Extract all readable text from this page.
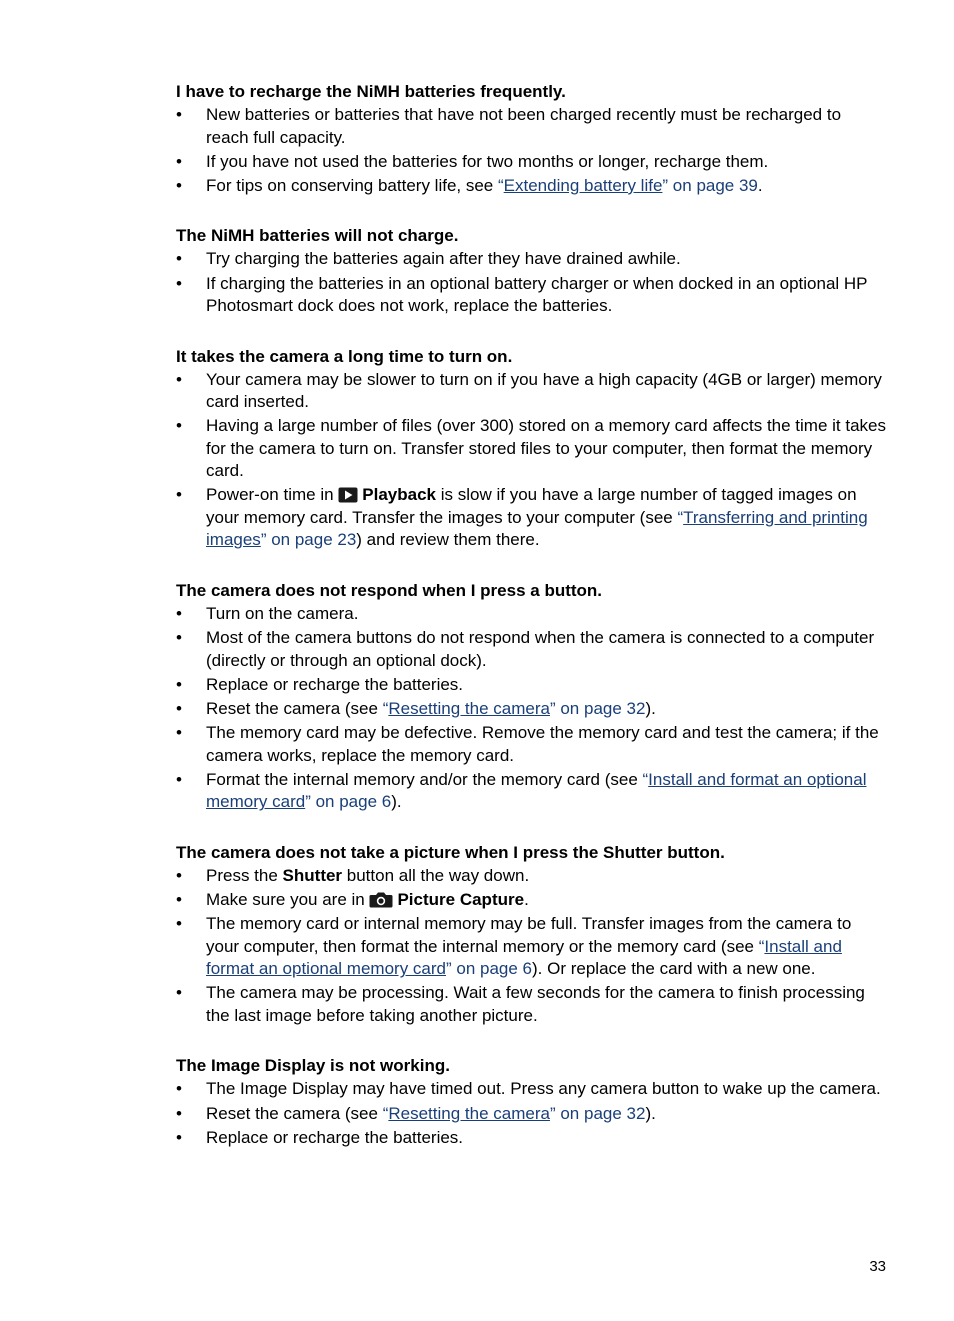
I have to recharge the NiMH batteries frequently.
• New batteries or batteries that have not been charged recently must be recharged to reach full capacity.
• If you have not used the batteries for two months or longer, recharge them.
• For tips on conserving battery life, see “Extending battery life” on page 39.
The NiMH batteries will not charge.
• Try charging the batteries again after they have drained awhile.
• If charging the batteries in an optional battery charger or when docked in an optional HP Photosmart dock does not work, replace the batteries.
It takes the camera a long time to turn on.
• Your camera may be slower to turn on if you have a high capacity (4GB or larger) memory card inserted.
• Having a large number of files (over 300) stored on a memory card affects the time it takes for the camera to turn on. Transfer stored files to your computer, then format the memory card.
• Power-on time in
Playback is slow if you have a large number of tagged images on your memory card. Transfer the images to your computer (see “Transferring and printing images” on page 23) and review them there.
The camera does not respond when I press a button.
• Turn on the camera.
• Most of the camera buttons do not respond when the camera is connected to a computer (directly or through an optional dock).
• Replace or recharge the batteries.
• Reset the camera (see “Resetting the camera” on page 32).
• The memory card may be defective. Remove the memory card and test the camera; if the camera works, replace the memory card.
• Format the internal memory and/or the memory card (see “Install and format an optional memory card” on page 6).
The camera does not take a picture when I press the Shutter button.
• Press the Shutter button all the way down.
• Make sure you are in
Picture Capture.
• The memory card or internal memory may be full. Transfer images from the camera to your computer, then format the internal memory or the memory card (see “Install and format an optional memory card” on page 6). Or replace the card with a new one.
• The camera may be processing. Wait a few seconds for the camera to finish processing the last image before taking another picture.
The Image Display is not working.
• The Image Display may have timed out. Press any camera button to wake up the camera.
• Reset the camera (see “Resetting the camera” on page 32).
• Replace or recharge the batteries.
33
